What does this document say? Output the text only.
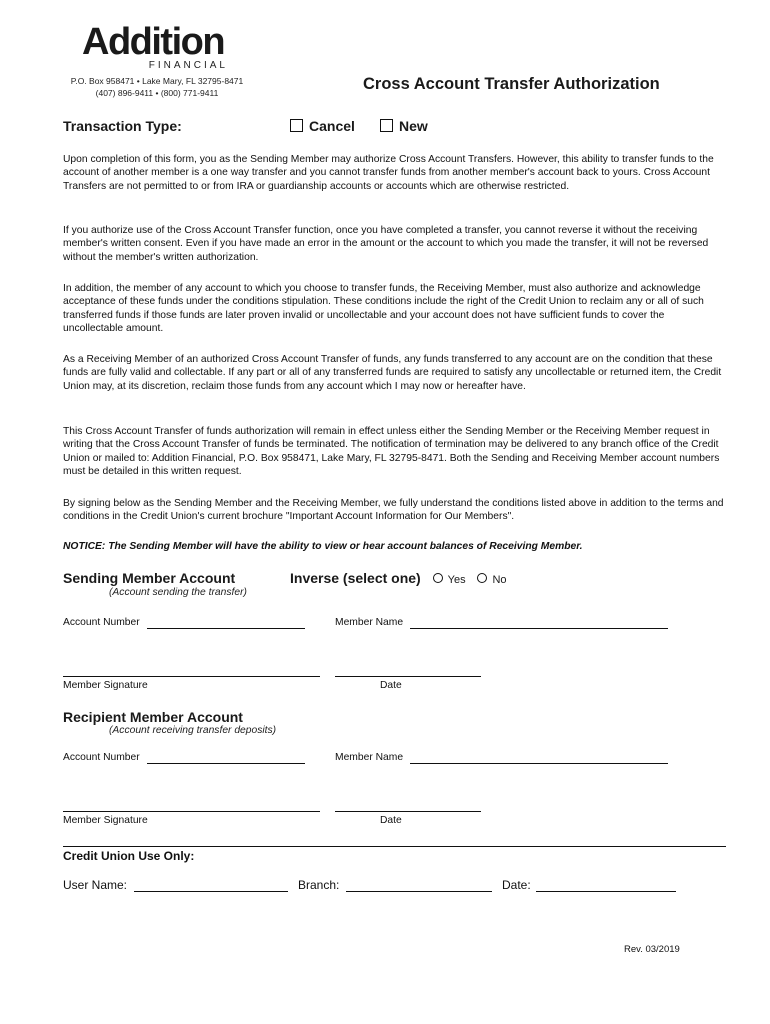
Addition
FINANCIAL
P.O. Box 958471 • Lake Mary, FL 32795-8471
(407) 896-9411 • (800) 771-9411	Cross Account Transfer Authorization
Transaction Type:	Cancel	New
Upon completion of this form, you as the Sending Member may authorize Cross Account Transfers. However, this ability to transfer funds to the account of another member is a one way transfer and you cannot transfer funds from another member's account back to yours. Cross Account Transfers are not permitted to or from IRA or guardianship accounts or accounts which are otherwise restricted.
If you authorize use of the Cross Account Transfer function, once you have completed a transfer, you cannot reverse it without the receiving member's written consent. Even if you have made an error in the amount or the account to which you made the transfer, it will not be reversed without the member's written authorization.
In addition, the member of any account to which you choose to transfer funds, the Receiving Member, must also authorize and acknowledge acceptance of these funds under the conditions stipulation. These conditions include the right of the Credit Union to reclaim any or all of such transferred funds if those funds are later proven invalid or uncollectable and your account does not have sufficient funds to cover the uncollectable amount.
As a Receiving Member of an authorized Cross Account Transfer of funds, any funds transferred to any account are on the condition that these funds are fully valid and collectable. If any part or all of any transferred funds are required to satisfy any uncollectable or returned item, the Credit Union may, at its discretion, reclaim those funds from any account which I may now or hereafter have.
This Cross Account Transfer of funds authorization will remain in effect unless either the Sending Member or the Receiving Member request in writing that the Cross Account Transfer of funds be terminated. The notification of termination may be delivered to any branch office of the Credit Union or mailed to: Addition Financial, P.O. Box 958471, Lake Mary, FL 32795-8471. Both the Sending and Receiving Member account numbers must be detailed in this written request.
By signing below as the Sending Member and the Receiving Member, we fully understand the conditions listed above in addition to the terms and conditions in the Credit Union's current brochure "Important Account Information for Our Members".
NOTICE: The Sending Member will have the ability to view or hear account balances of Receiving Member.
Sending Member Account
(Account sending the transfer)
Inverse (select one) Yes No
Account Number	Member Name
Member Signature	Date
Recipient Member Account
(Account receiving transfer deposits)
Account Number	Member Name
Member Signature	Date
Credit Union Use Only:
User Name:	Branch:	Date:
Rev. 03/2019
